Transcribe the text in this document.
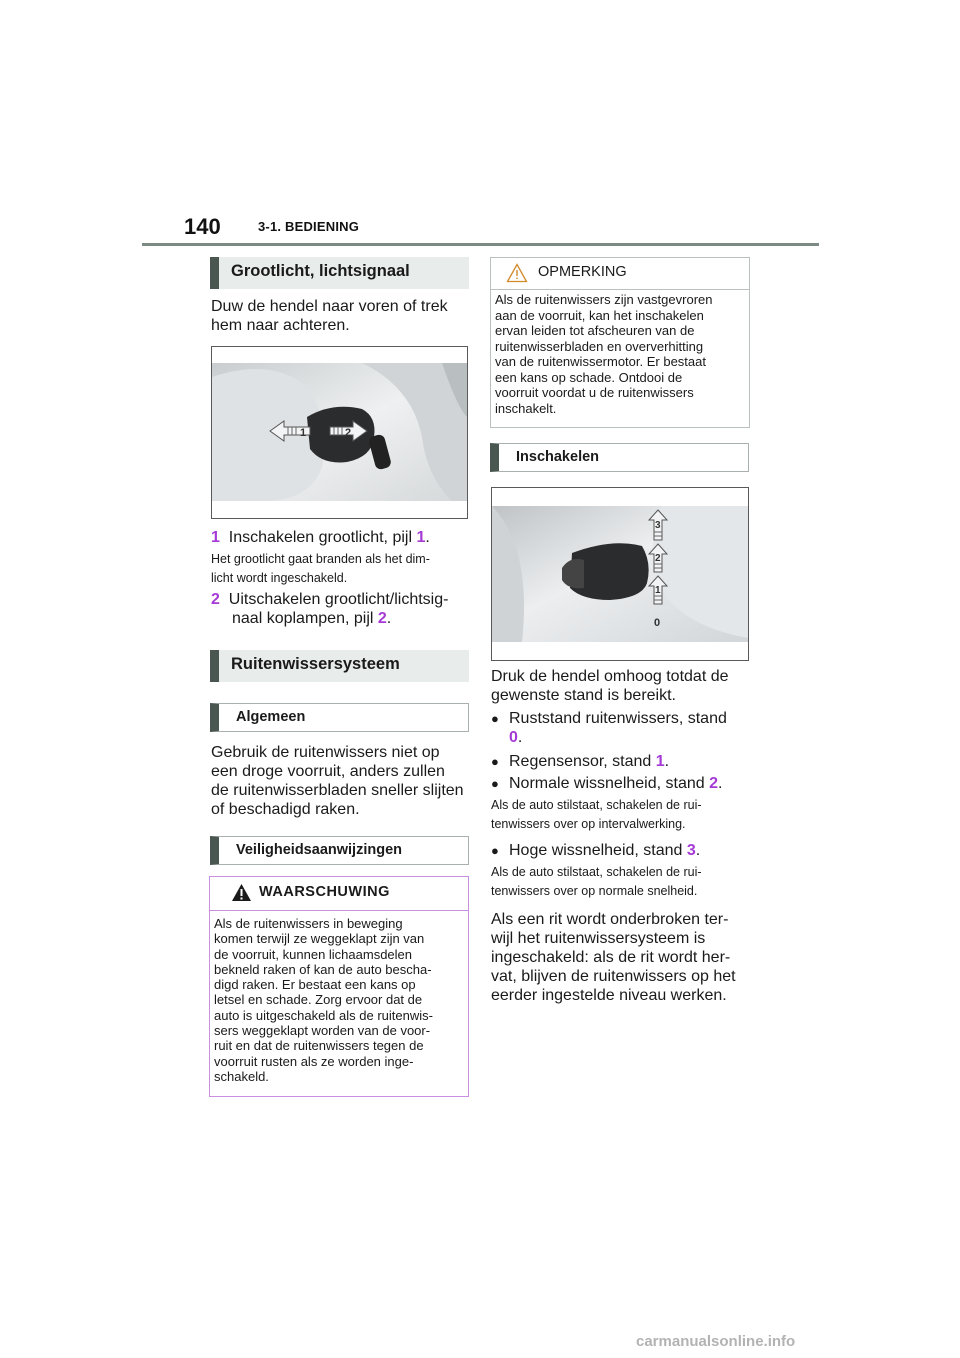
140	3-1. BEDIENING
Grootlicht, lichtsignaal
Duw de hendel naar voren of trek
hem naar achteren.
1	2
1 Inschakelen grootlicht, pijl 1.
Het grootlicht gaat branden als het dim-
licht wordt ingeschakeld.
2 Uitschakelen grootlicht/lichtsig-
naal koplampen, pijl 2.
Ruitenwissersysteem
Algemeen
Gebruik de ruitenwissers niet op
een droge voorruit, anders zullen
de ruitenwisserbladen sneller slijten
of beschadigd raken.
Veiligheidsaanwijzingen
WAARSCHUWING
Als de ruitenwissers in beweging
komen terwijl ze weggeklapt zijn van
de voorruit, kunnen lichaamsdelen
bekneld raken of kan de auto bescha-
digd raken. Er bestaat een kans op
letsel en schade. Zorg ervoor dat de
auto is uitgeschakeld als de ruitenwis-
sers weggeklapt worden van de voor-
ruit en dat de ruitenwissers tegen de
voorruit rusten als ze worden inge-
schakeld.
OPMERKING
Als de ruitenwissers zijn vastgevroren
aan de voorruit, kan het inschakelen
ervan leiden tot afscheuren van de
ruitenwisserbladen en oververhitting
van de ruitenwissermotor. Er bestaat
een kans op schade. Ontdooi de
voorruit voordat u de ruitenwissers
inschakelt.
Inschakelen
3
2
1
0
Druk de hendel omhoog totdat de
gewenste stand is bereikt.
● Ruststand ruitenwissers, stand
0.
● Regensensor, stand 1.
● Normale wissnelheid, stand 2.
Als de auto stilstaat, schakelen de rui-
tenwissers over op intervalwerking.
● Hoge wissnelheid, stand 3.
Als de auto stilstaat, schakelen de rui-
tenwissers over op normale snelheid.
Als een rit wordt onderbroken ter-
wijl het ruitenwissersysteem is
ingeschakeld: als de rit wordt her-
vat, blijven de ruitenwissers op het
eerder ingestelde niveau werken.
carmanualsonline.info
